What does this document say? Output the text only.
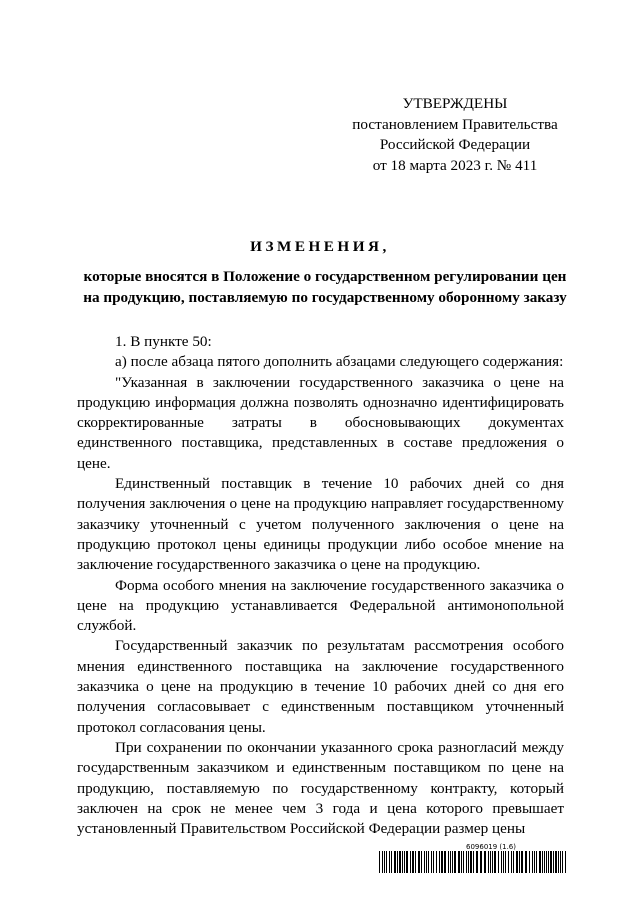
УТВЕРЖДЕНЫ
постановлением Правительства
Российской Федерации
от 18 марта 2023 г. № 411
ИЗМЕНЕНИЯ,
которые вносятся в Положение о государственном регулировании цен на продукцию, поставляемую по государственному оборонному заказу

1. В пункте 50:

а) после абзаца пятого дополнить абзацами следующего содержания:

"Указанная в заключении государственного заказчика о цене на продукцию информация должна позволять однозначно идентифицировать скорректированные затраты в обосновывающих документах единственного поставщика, представленных в составе предложения о цене.

Единственный поставщик в течение 10 рабочих дней со дня получения заключения о цене на продукцию направляет государственному заказчику уточненный с учетом полученного заключения о цене на продукцию протокол цены единицы продукции либо особое мнение на заключение государственного заказчика о цене на продукцию.

Форма особого мнения на заключение государственного заказчика о цене на продукцию устанавливается Федеральной антимонопольной службой.

Государственный заказчик по результатам рассмотрения особого мнения единственного поставщика на заключение государственного заказчика о цене на продукцию в течение 10 рабочих дней со дня его получения согласовывает с единственным поставщиком уточненный протокол согласования цены.

При сохранении по окончании указанного срока разногласий между государственным заказчиком и единственным поставщиком по цене на продукцию, поставляемую по государственному контракту, который заключен на срок не менее чем 3 года и цена которого превышает установленный Правительством Российской Федерации размер цены

6096019 (1.6)
